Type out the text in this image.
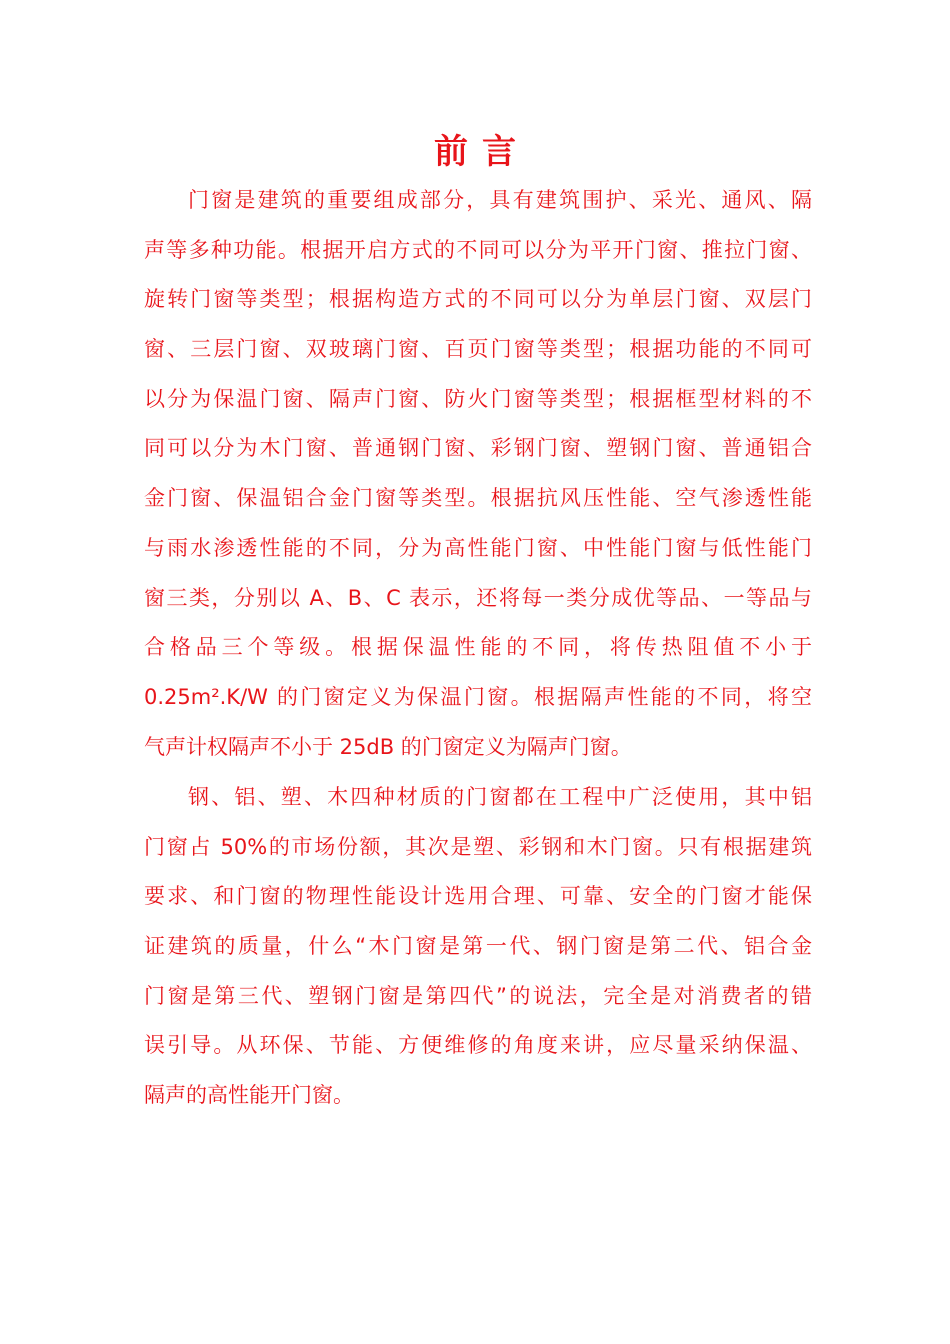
前言
门窗是建筑的重要组成部分，具有建筑围护、采光、通风、隔
声等多种功能。根据开启方式的不同可以分为平开门窗、推拉门窗、
旋转门窗等类型；根据构造方式的不同可以分为单层门窗、双层门
窗、三层门窗、双玻璃门窗、百页门窗等类型；根据功能的不同可
以分为保温门窗、隔声门窗、防火门窗等类型；根据框型材料的不
同可以分为木门窗、普通钢门窗、彩钢门窗、塑钢门窗、普通铝合
金门窗、保温铝合金门窗等类型。根据抗风压性能、空气渗透性能
与雨水渗透性能的不同，分为高性能门窗、中性能门窗与低性能门
窗三类，分别以 A、B、C 表示，还将每一类分成优等品、一等品与
合格品三个等级。根据保温性能的不同，将传热阻值不小于
0.25m².K/W 的门窗定义为保温门窗。根据隔声性能的不同，将空
气声计权隔声不小于 25dB 的门窗定义为隔声门窗。
钢、铝、塑、木四种材质的门窗都在工程中广泛使用，其中铝
门窗占 50%的市场份额，其次是塑、彩钢和木门窗。只有根据建筑
要求、和门窗的物理性能设计选用合理、可靠、安全的门窗才能保
证建筑的质量，什么“木门窗是第一代、钢门窗是第二代、铝合金
门窗是第三代、塑钢门窗是第四代”的说法，完全是对消费者的错
误引导。从环保、节能、方便维修的角度来讲，应尽量采纳保温、
隔声的高性能开门窗。
